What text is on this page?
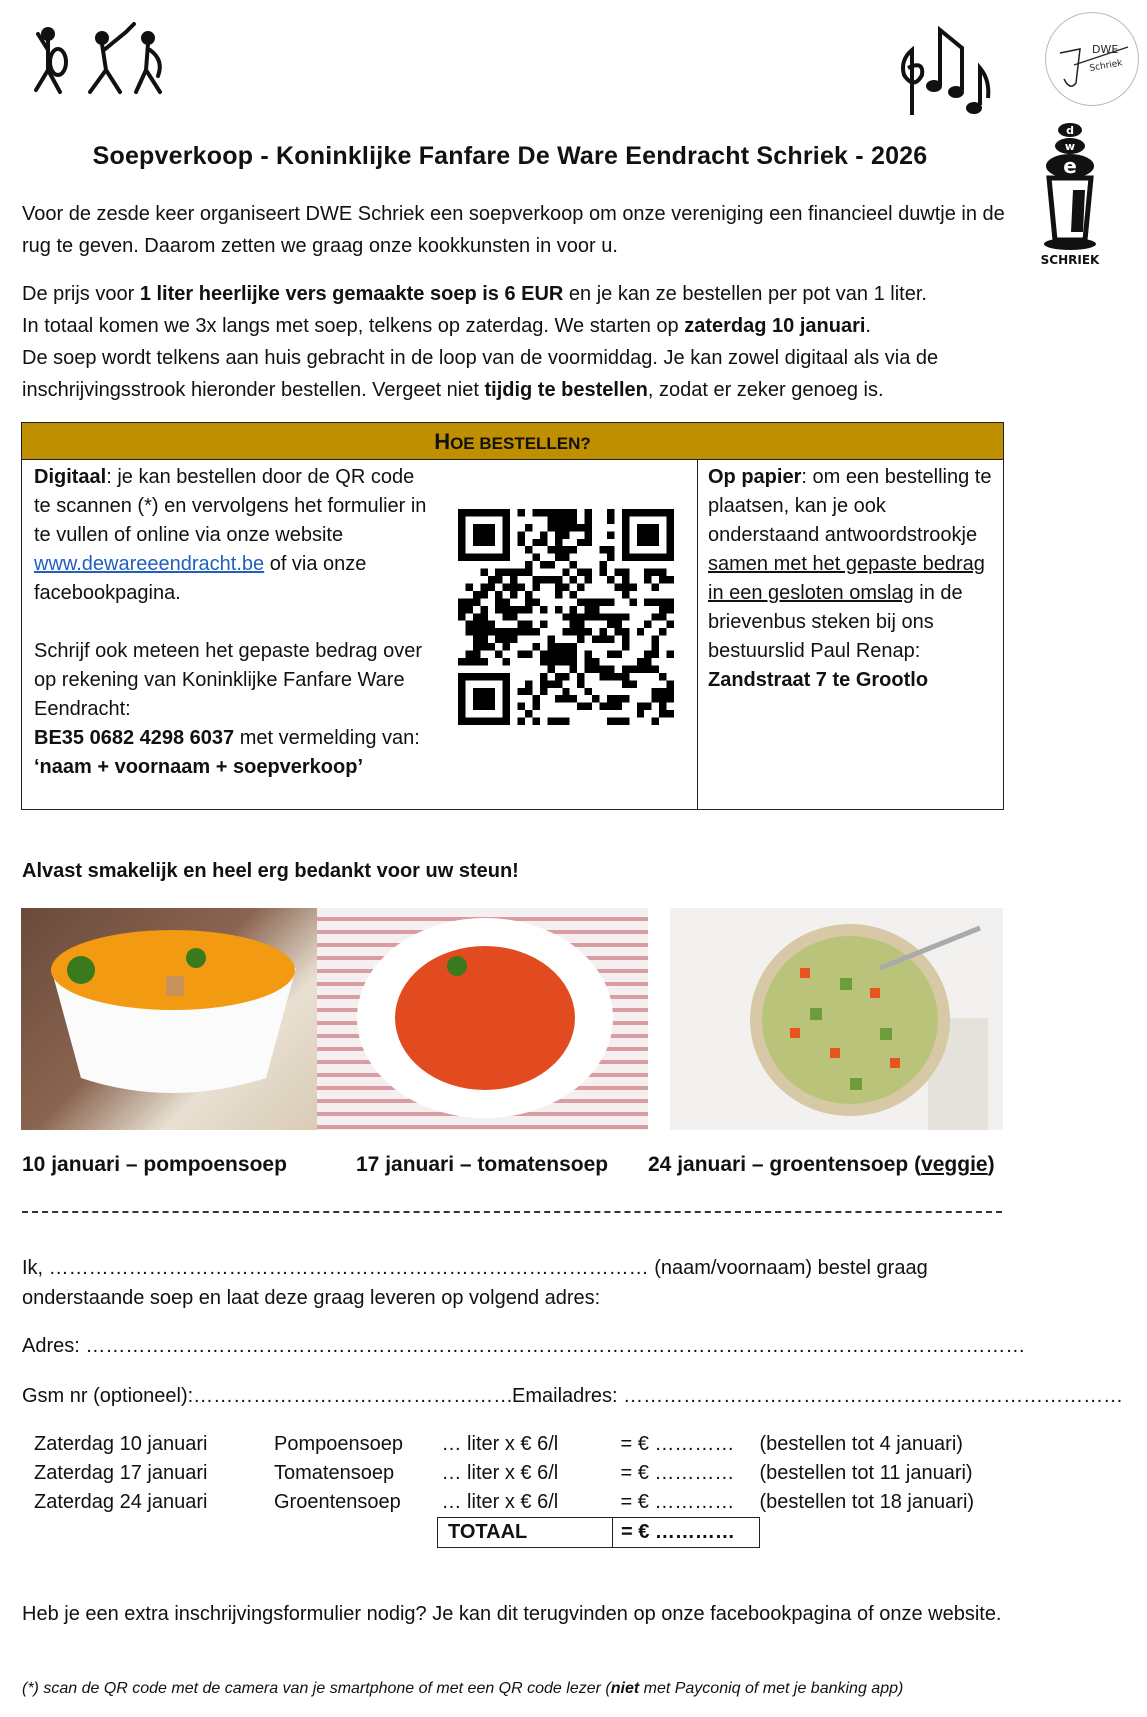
DWE
Schriek
d
w
e
SCHRIEK
Soepverkoop - Koninklijke Fanfare De Ware Eendracht Schriek - 2026

Voor de zesde keer organiseert DWE Schriek een soepverkoop om onze vereniging een financieel duwtje in de rug te geven. Daarom zetten we graag onze kookkunsten in voor u.

De prijs voor 1 liter heerlijke vers gemaakte soep is 6 EUR en je kan ze bestellen per pot van 1 liter.
In totaal komen we 3x langs met soep, telkens op zaterdag. We starten op zaterdag 10 januari.
De soep wordt telkens aan huis gebracht in de loop van de voormiddag. Je kan zowel digitaal als via de inschrijvingsstrook hieronder bestellen. Vergeet niet tijdig te bestellen, zodat er zeker genoeg is.

HOE BESTELLEN?
Digitaal: je kan bestellen door de QR code te scannen (*) en vervolgens het formulier in te vullen of online via onze website www.dewareeendracht.be of via onze facebookpagina.
Schrijf ook meteen het gepaste bedrag over op rekening van Koninklijke Fanfare Ware Eendracht:
BE35 0682 4298 6037 met vermelding van:
‘naam + voornaam + soepverkoop’
Op papier: om een bestelling te plaatsen, kan je ook onderstaand antwoordstrookje samen met het gepaste bedrag in een gesloten omslag in de brievenbus steken bij ons bestuurslid Paul Renap:
Zandstraat 7 te Grootlo
Alvast smakelijk en heel erg bedankt voor uw steun!
10 januari – pompoensoep	17 januari – tomatensoep 24 januari – groentensoep (veggie)
Ik, ……………………………………………………………………………… (naam/voornaam) bestel graag onderstaande soep en laat deze graag leveren op volgend adres:
Adres: ……………………………………………………………………………………………………………………………
Gsm nr (optioneel):…………………………………………
Emailadres: …………………………………………………………………
Zaterdag 10 januari	Pompoensoep	… liter x € 6/l	= € …………	(bestellen tot 4 januari)
Zaterdag 17 januari	Tomatensoep	… liter x € 6/l	= € …………	(bestellen tot 11 januari)
Zaterdag 24 januari	Groentensoep	… liter x € 6/l	= € …………	(bestellen tot 18 januari)
		TOTAAL	= € …………	
Heb je een extra inschrijvingsformulier nodig? Je kan dit terugvinden op onze facebookpagina of onze website.
(*) scan de QR code met de camera van je smartphone of met een QR code lezer (niet met Payconiq of met je banking app)
